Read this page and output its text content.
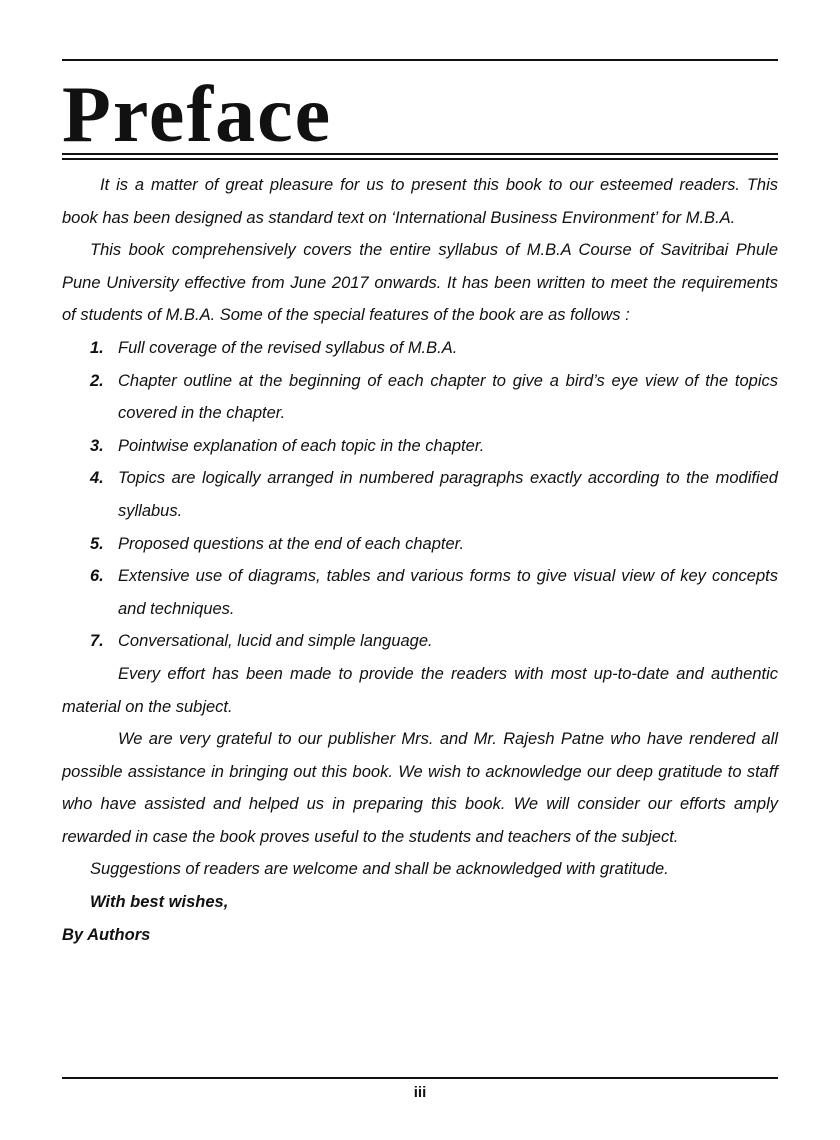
Preface

It is a matter of great pleasure for us to present this book to our esteemed readers. This book has been designed as standard text on ‘International Business Environment’ for M.B.A.

This book comprehensively covers the entire syllabus of M.B.A Course of Savitribai Phule Pune University effective from June 2017 onwards. It has been written to meet the requirements of students of M.B.A. Some of the special features of the book are as follows :

1. Full coverage of the revised syllabus of M.B.A.
2. Chapter outline at the beginning of each chapter to give a bird’s eye view of the topics covered in the chapter.
3. Pointwise explanation of each topic in the chapter.
4. Topics are logically arranged in numbered paragraphs exactly according to the modified syllabus.
5. Proposed questions at the end of each chapter.
6. Extensive use of diagrams, tables and various forms to give visual view of key concepts and techniques.
7. Conversational, lucid and simple language.

Every effort has been made to provide the readers with most up-to-date and authentic material on the subject.

We are very grateful to our publisher Mrs. and Mr. Rajesh Patne who have rendered all possible assistance in bringing out this book. We wish to acknowledge our deep gratitude to staff who have assisted and helped us in preparing this book. We will consider our efforts amply rewarded in case the book proves useful to the students and teachers of the subject.

Suggestions of readers are welcome and shall be acknowledged with gratitude.

With best wishes,

By Authors

iii
